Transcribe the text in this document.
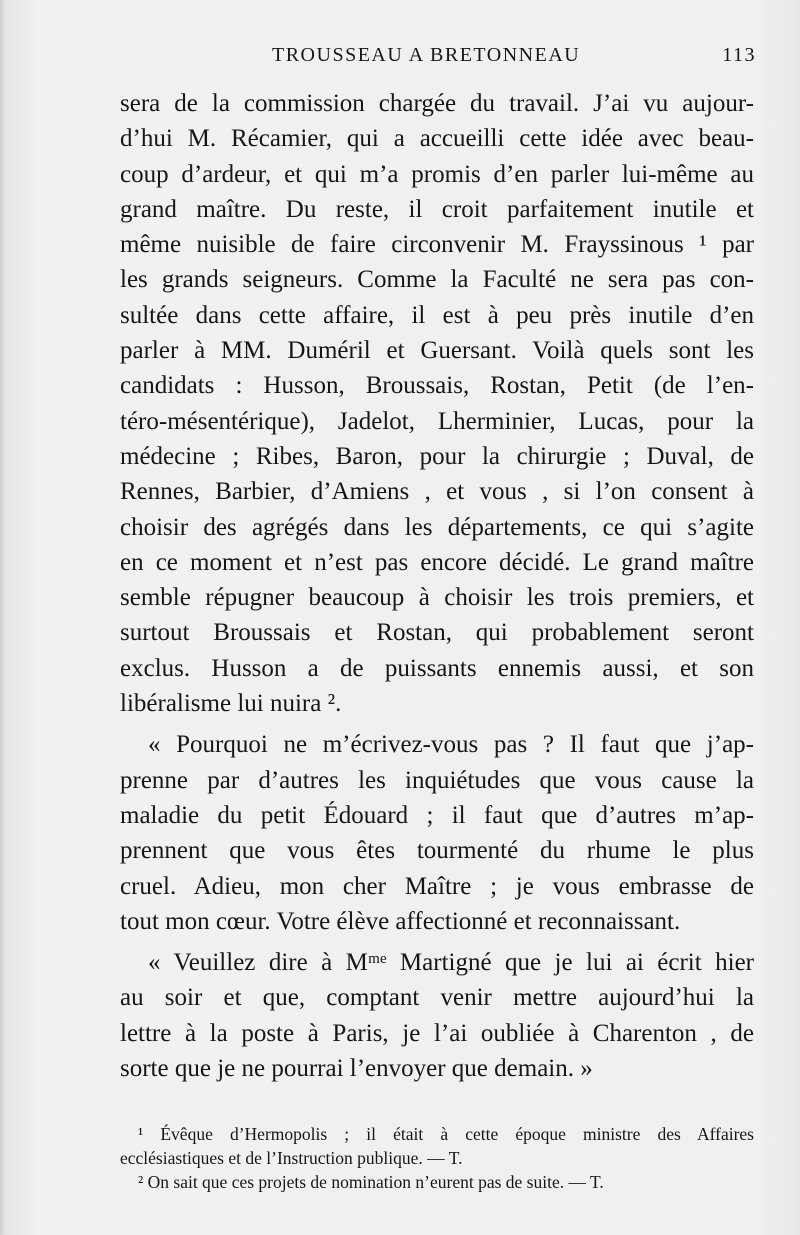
TROUSSEAU A BRETONNEAU	113
sera de la commission chargée du travail. J’ai vu aujour-
d’hui M. Récamier, qui a accueilli cette idée avec beau-
coup d’ardeur, et qui m’a promis d’en parler lui-même au
grand maître. Du reste, il croit parfaitement inutile et
même nuisible de faire circonvenir M. Frayssinous ¹ par
les grands seigneurs. Comme la Faculté ne sera pas con-
sultée dans cette affaire, il est à peu près inutile d’en
parler à MM. Duméril et Guersant. Voilà quels sont les
candidats : Husson, Broussais, Rostan, Petit (de l’en-
téro-mésentérique), Jadelot, Lherminier, Lucas, pour la
médecine ; Ribes, Baron, pour la chirurgie ; Duval, de
Rennes, Barbier, d’Amiens , et vous , si l’on consent à
choisir des agrégés dans les départements, ce qui s’agite
en ce moment et n’est pas encore décidé. Le grand maître
semble répugner beaucoup à choisir les trois premiers, et
surtout Broussais et Rostan, qui probablement seront
exclus. Husson a de puissants ennemis aussi, et son
libéralisme lui nuira ².
« Pourquoi ne m’écrivez-vous pas ? Il faut que j’ap-
prenne par d’autres les inquiétudes que vous cause la
maladie du petit Édouard ; il faut que d’autres m’ap-
prennent que vous êtes tourmenté du rhume le plus
cruel. Adieu, mon cher Maître ; je vous embrasse de
tout mon cœur. Votre élève affectionné et reconnaissant.
« Veuillez dire à Mᵐᵉ Martigné que je lui ai écrit hier
au soir et que, comptant venir mettre aujourd’hui la
lettre à la poste à Paris, je l’ai oubliée à Charenton , de
sorte que je ne pourrai l’envoyer que demain. »
¹ Évêque d’Hermopolis ; il était à cette époque ministre des Affaires
ecclésiastiques et de l’Instruction publique. — T.
² On sait que ces projets de nomination n’eurent pas de suite. — T.
